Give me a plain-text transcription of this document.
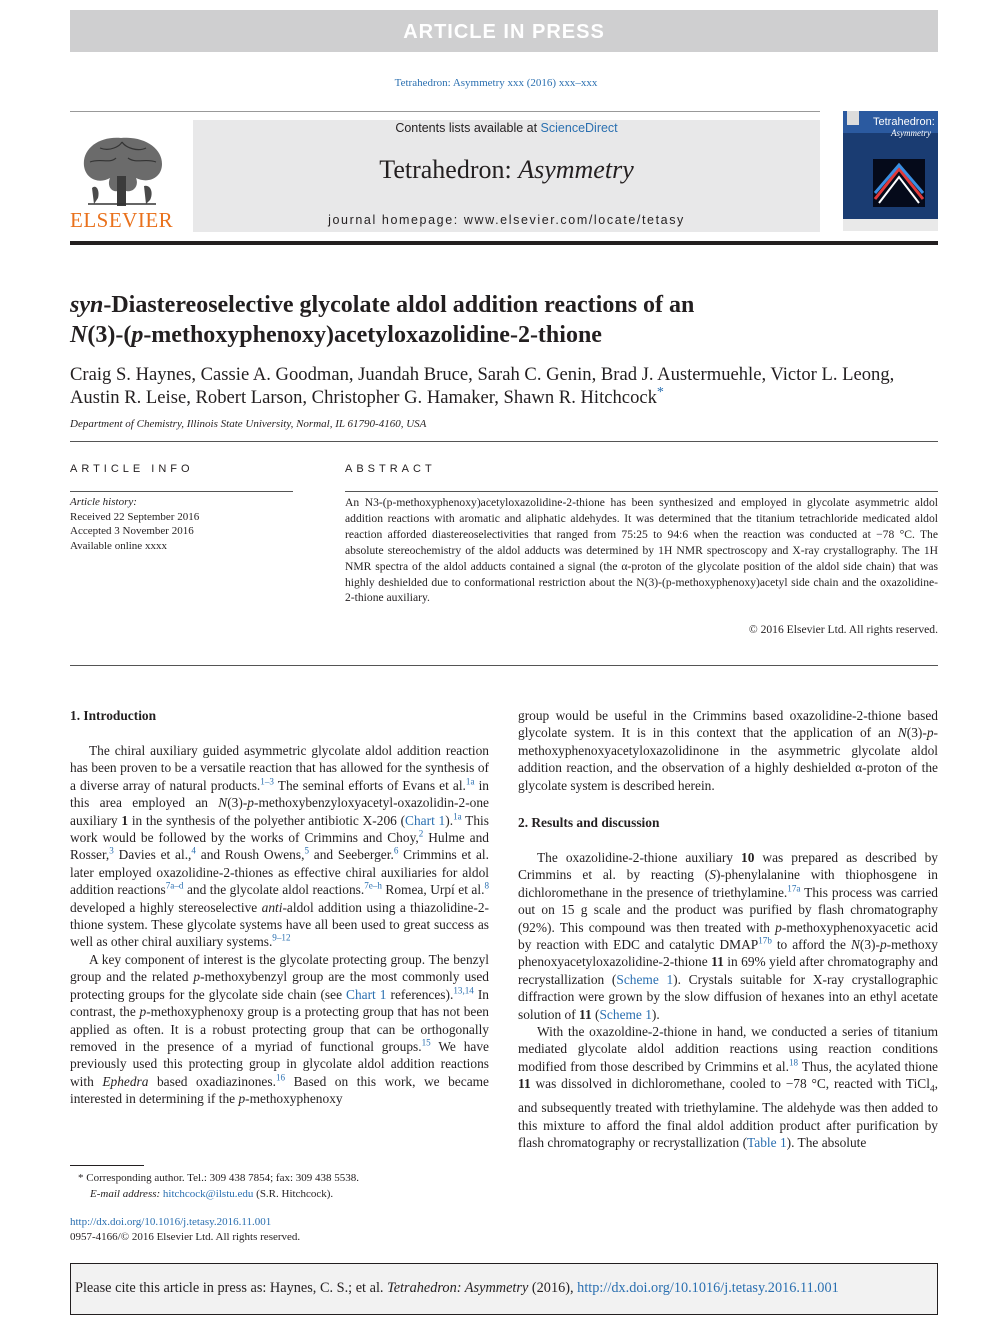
ARTICLE IN PRESS
Tetrahedron: Asymmetry xxx (2016) xxx–xxx
ELSEVIER
Contents lists available at ScienceDirect
Tetrahedron: Asymmetry
journal homepage: www.elsevier.com/locate/tetasy
Tetrahedron:
Asymmetry
syn-Diastereoselective glycolate aldol addition reactions of an
N(3)-(p-methoxyphenoxy)acetyloxazolidine-2-thione
Craig S. Haynes, Cassie A. Goodman, Juandah Bruce, Sarah C. Genin, Brad J. Austermuehle, Victor L. Leong,
Austin R. Leise, Robert Larson, Christopher G. Hamaker, Shawn R. Hitchcock*
Department of Chemistry, Illinois State University, Normal, IL 61790-4160, USA
ARTICLE INFO	ABSTRACT
Article history:
Received 22 September 2016
Accepted 3 November 2016
Available online xxxx
An N3-(p-methoxyphenoxy)acetyloxazolidine-2-thione has been synthesized and employed in glycolate asymmetric aldol addition reactions with aromatic and aliphatic aldehydes. It was determined that the titanium tetrachloride medicated aldol reaction afforded diastereoselectivities that ranged from 75:25 to 94:6 when the reaction was conducted at −78 °C. The absolute stereochemistry of the aldol adducts was determined by 1H NMR spectroscopy and X-ray crystallography. The 1H NMR spectra of the aldol adducts contained a signal (the α-proton of the glycolate position of the aldol side chain) that was highly deshielded due to conformational restriction about the N(3)-(p-methoxyphenoxy)acetyl side chain and the oxazolidine-2-thione auxiliary.
© 2016 Elsevier Ltd. All rights reserved.
1. Introduction

The chiral auxiliary guided asymmetric glycolate aldol addition reaction has been proven to be a versatile reaction that has allowed for the synthesis of a diverse array of natural products.$^{1-3}$ The seminal efforts of Evans et al.$^{1a}$ in this area employed an N(3)-p-methoxybenzyloxyacetyl-oxazolidin-2-one auxiliary 1 in the synthesis of the polyether antibiotic X-206 (Chart 1).$^{1a}$ This work would be followed by the works of Crimmins and Choy,$^2$ Hulme and Rosser,$^3$ Davies et al.,$^4$ and Roush Owens,$^5$ and Seeberger.$^6$ Crimmins et al. later employed oxazolidine-2-thiones as effective chiral auxiliaries for aldol addition reactions$^{7a-d}$ and the glycolate aldol reactions.$^{7e-h}$ Romea, Urpí et al.$^8$ developed a highly stereoselective anti-aldol addition using a thiazolidine-2-thione system. These glycolate systems have all been used to great success as well as other chiral auxiliary systems.$^{9-12}$

A key component of interest is the glycolate protecting group. The benzyl group and the related p-methoxybenzyl group are the most commonly used protecting groups for the glycolate side chain (see Chart 1 references).$^{13,14}$ In contrast, the p-methoxyphenoxy group is a protecting group that has not been applied as often. It is a robust protecting group that can be orthogonally removed in the presence of a myriad of functional groups.$^{15}$ We have previously used this protecting group in glycolate aldol addition reactions with Ephedra based oxadiazinones.$^{16}$ Based on this work, we became interested in determining if the p-methoxyphenoxy

group would be useful in the Crimmins based oxazolidine-2-thione based glycolate system. It is in this context that the application of an N(3)-p-methoxyphenoxyacetyloxazolidinone in the asymmetric glycolate aldol addition reaction, and the observation of a highly deshielded α-proton of the glycolate system is described herein.

2. Results and discussion

The oxazolidine-2-thione auxiliary 10 was prepared as described by Crimmins et al. by reacting (S)-phenylalanine with thiophosgene in dichloromethane in the presence of triethylamine.$^{17a}$ This process was carried out on 15 g scale and the product was purified by flash chromatography (92%). This compound was then treated with p-methoxyphenoxyacetic acid by reaction with EDC and catalytic $DMAP^{17b}$ to afford the N(3)-p-methoxy phenoxyacetyloxazolidine-2-thione 11 in 69% yield after chromatography and recrystallization (Scheme 1). Crystals suitable for X-ray crystallographic diffraction were grown by the slow diffusion of hexanes into an ethyl acetate solution of 11 (Scheme 1).

With the oxazoldine-2-thione in hand, we conducted a series of titanium mediated glycolate aldol addition reactions using reaction conditions modified from those described by Crimmins et al.$^{18}$ Thus, the acylated thione 11 was dissolved in dichloromethane, cooled to −78 °C, reacted with TiCl$_4$, and subsequently treated with triethylamine. The aldehyde was then added to this mixture to afford the final aldol addition product after purification by flash chromatography or recrystallization (Table 1). The absolute

* Corresponding author. Tel.: 309 438 7854; fax: 309 438 5538.
E-mail address: hitchcock@ilstu.edu (S.R. Hitchcock).
http://dx.doi.org/10.1016/j.tetasy.2016.11.001
0957-4166/© 2016 Elsevier Ltd. All rights reserved.
Please cite this article in press as: Haynes, C. S.; et al. Tetrahedron: Asymmetry (2016), http://dx.doi.org/10.1016/j.tetasy.2016.11.001
